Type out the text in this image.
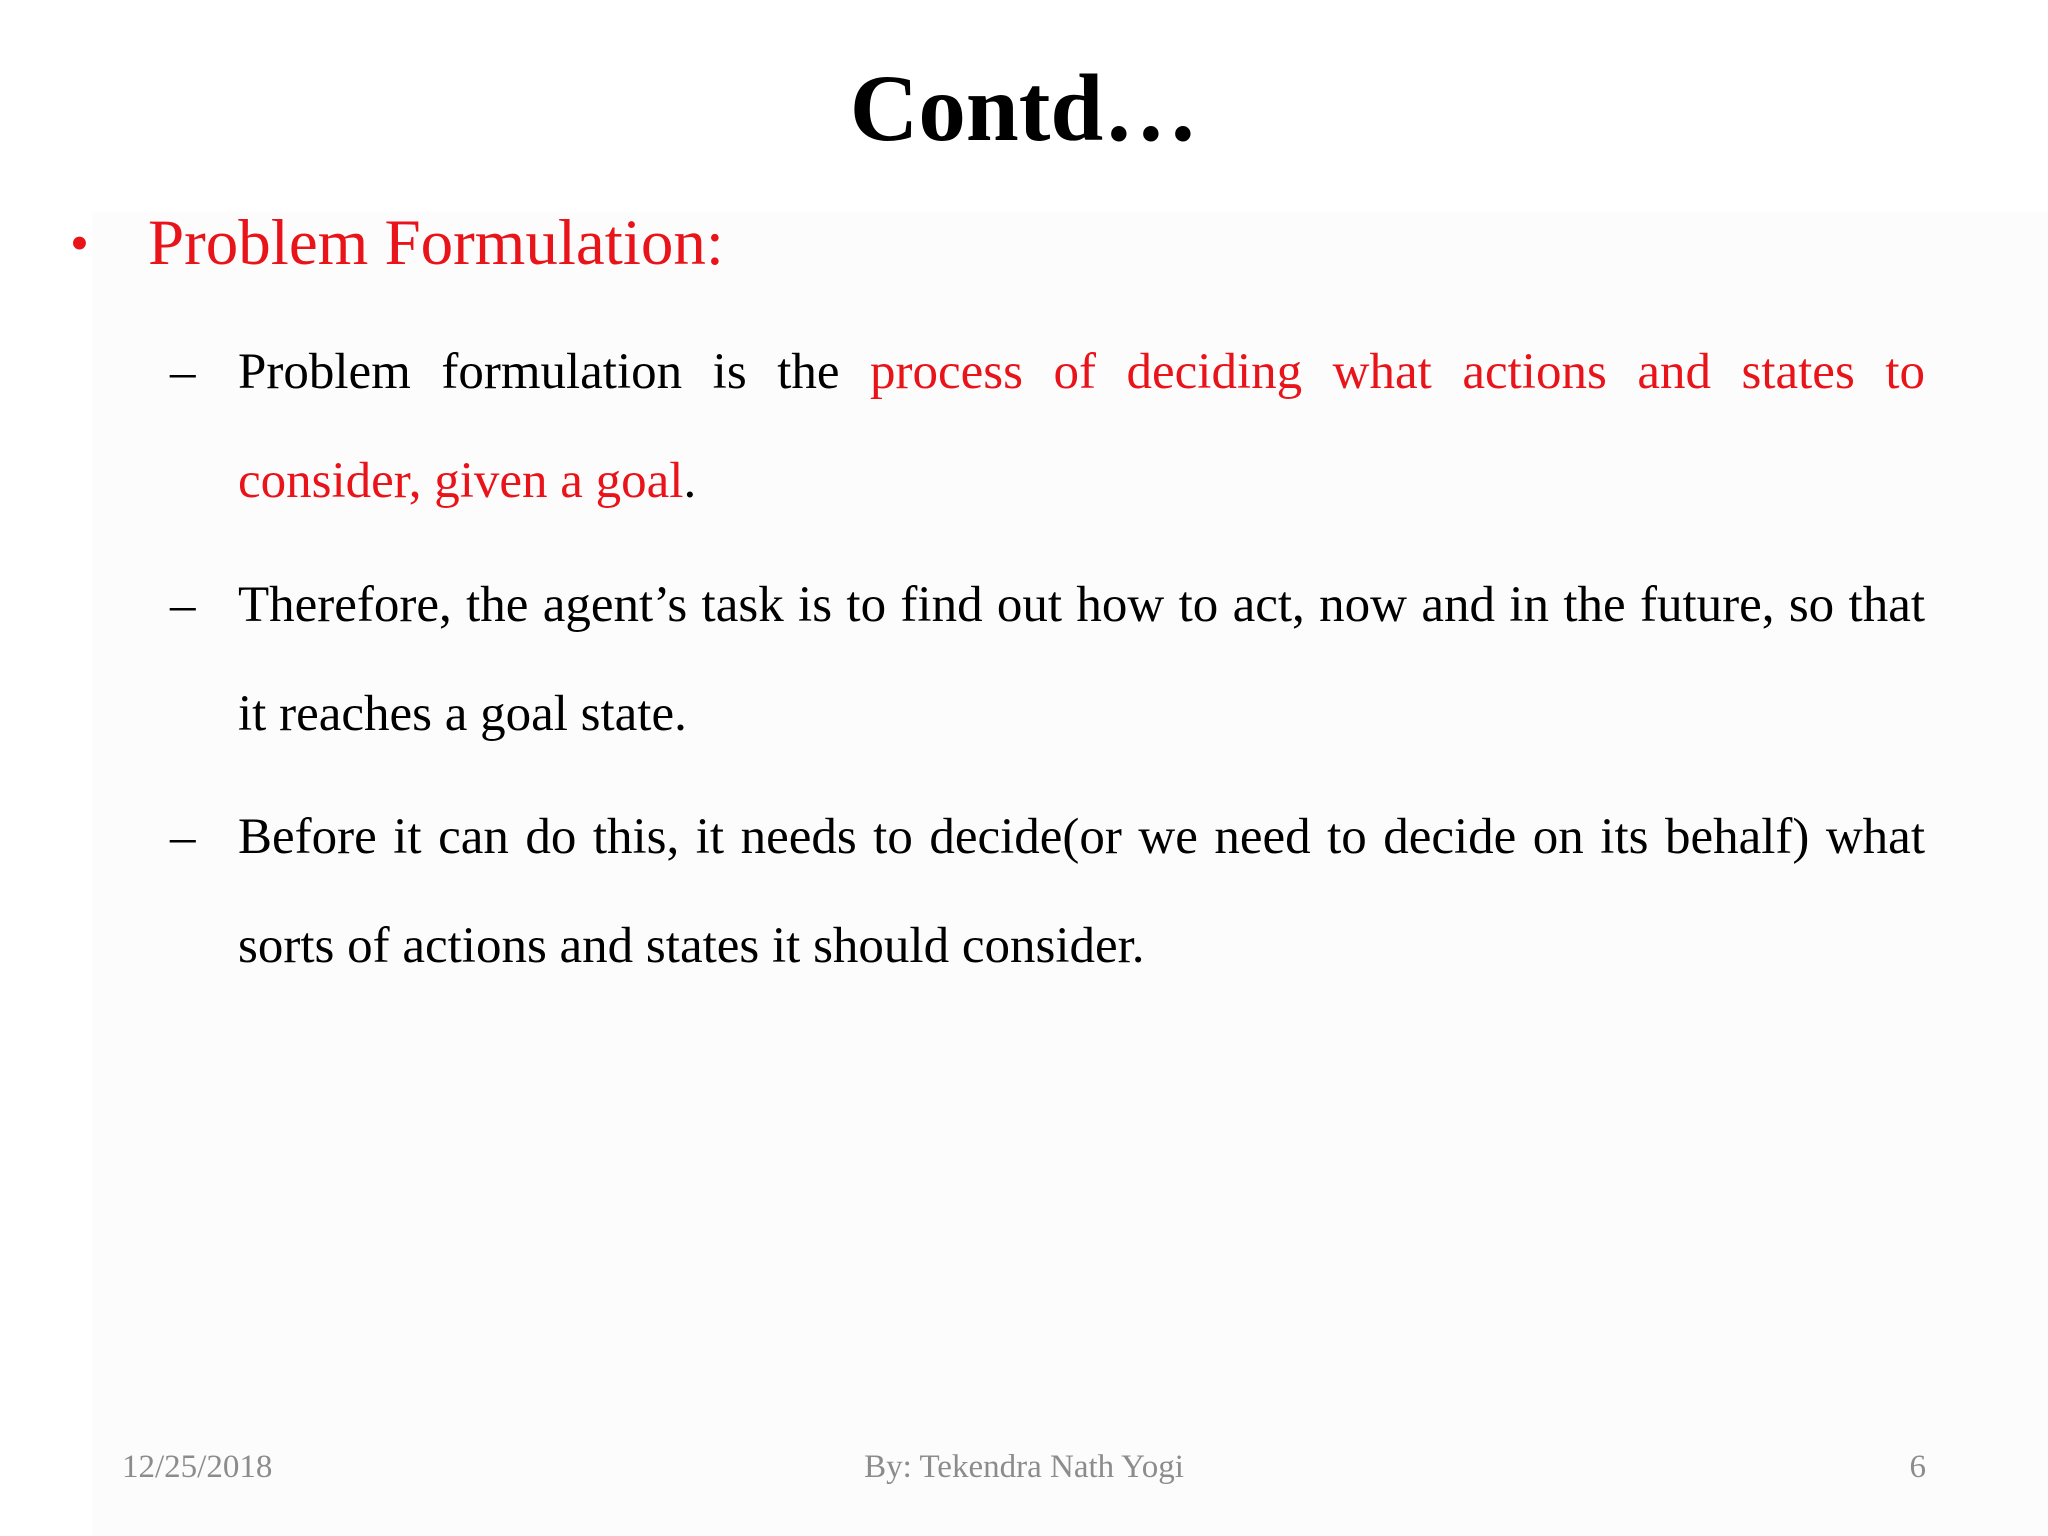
Contd…
• Problem Formulation:
– Problem formulation is the process of deciding what actions and states to consider, given a goal.
– Therefore, the agent’s task is to find out how to act, now and in the future, so that it reaches a goal state.
– Before it can do this, it needs to decide(or we need to decide on its behalf) what sorts of actions and states it should consider.
12/25/2018	By: Tekendra Nath Yogi	6
